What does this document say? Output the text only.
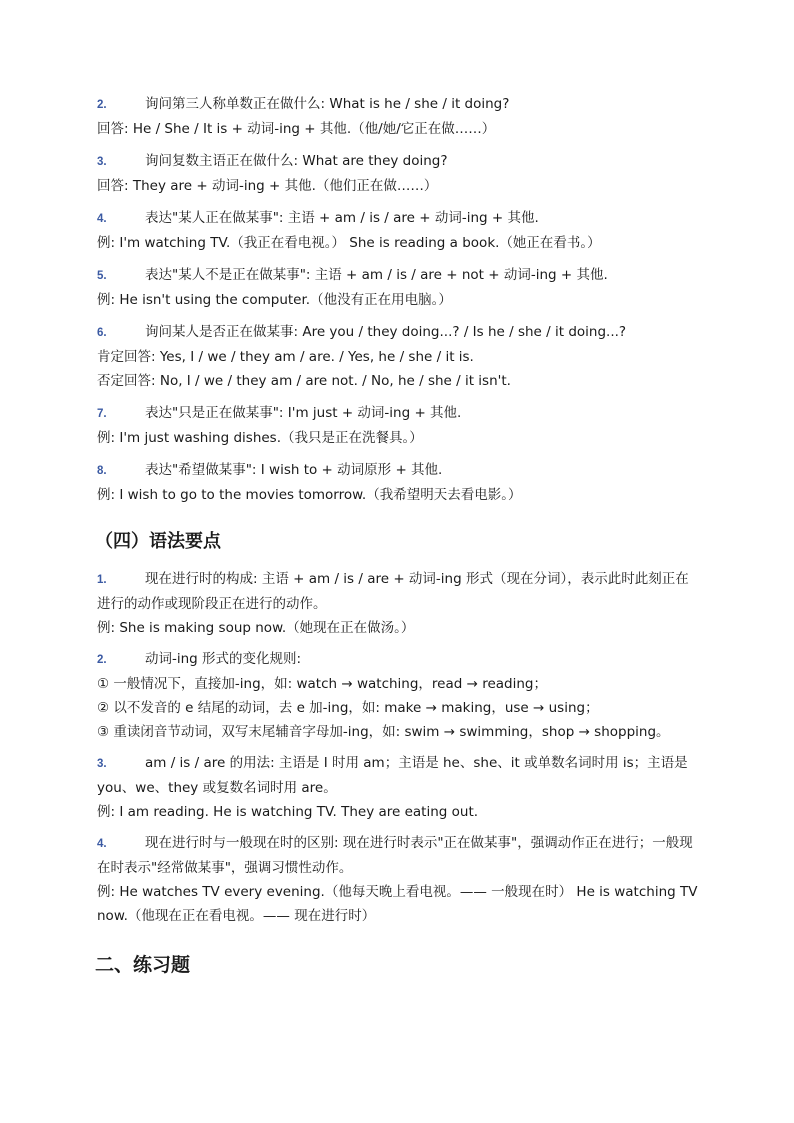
2.	询问第三人称单数正在做什么: What is he / she / it doing?
回答: He / She / It is + 动词-ing + 其他.（他/她/它正在做……）
3.	询问复数主语正在做什么: What are they doing?
回答: They are + 动词-ing + 其他.（他们正在做……）
4.	表达"某人正在做某事": 主语 + am / is / are + 动词-ing + 其他.
例: I'm watching TV.（我正在看电视。） She is reading a book.（她正在看书。）
5.	表达"某人不是正在做某事": 主语 + am / is / are + not + 动词-ing + 其他.
例: He isn't using the computer.（他没有正在用电脑。）
6.	询问某人是否正在做某事: Are you / they doing...? / Is he / she / it doing...?
肯定回答: Yes, I / we / they am / are. / Yes, he / she / it is.
否定回答: No, I / we / they am / are not. / No, he / she / it isn't.
7.	表达"只是正在做某事": I'm just + 动词-ing + 其他.
例: I'm just washing dishes.（我只是正在洗餐具。）
8.	表达"希望做某事": I wish to + 动词原形 + 其他.
例: I wish to go to the movies tomorrow.（我希望明天去看电影。）
（四）语法要点
1.	现在进行时的构成: 主语 + am / is / are + 动词-ing 形式（现在分词），表示此时此刻正在进行的动作或现阶段正在进行的动作。
例: She is making soup now.（她现在正在做汤。）
2.	动词-ing 形式的变化规则:
① 一般情况下，直接加-ing，如: watch → watching，read → reading；
② 以不发音的 e 结尾的动词，去 e 加-ing，如: make → making，use → using；
③ 重读闭音节动词，双写末尾辅音字母加-ing，如: swim → swimming，shop → shopping。
3.	am / is / are 的用法: 主语是 I 时用 am；主语是 he、she、it 或单数名词时用 is；主语是 you、we、they 或复数名词时用 are。
例: I am reading. He is watching TV. They are eating out.
4.	现在进行时与一般现在时的区别: 现在进行时表示"正在做某事"，强调动作正在进行；一般现在时表示"经常做某事"，强调习惯性动作。
例: He watches TV every evening.（他每天晚上看电视。—— 一般现在时） He is watching TV now.（他现在正在看电视。—— 现在进行时）
二、练习题
